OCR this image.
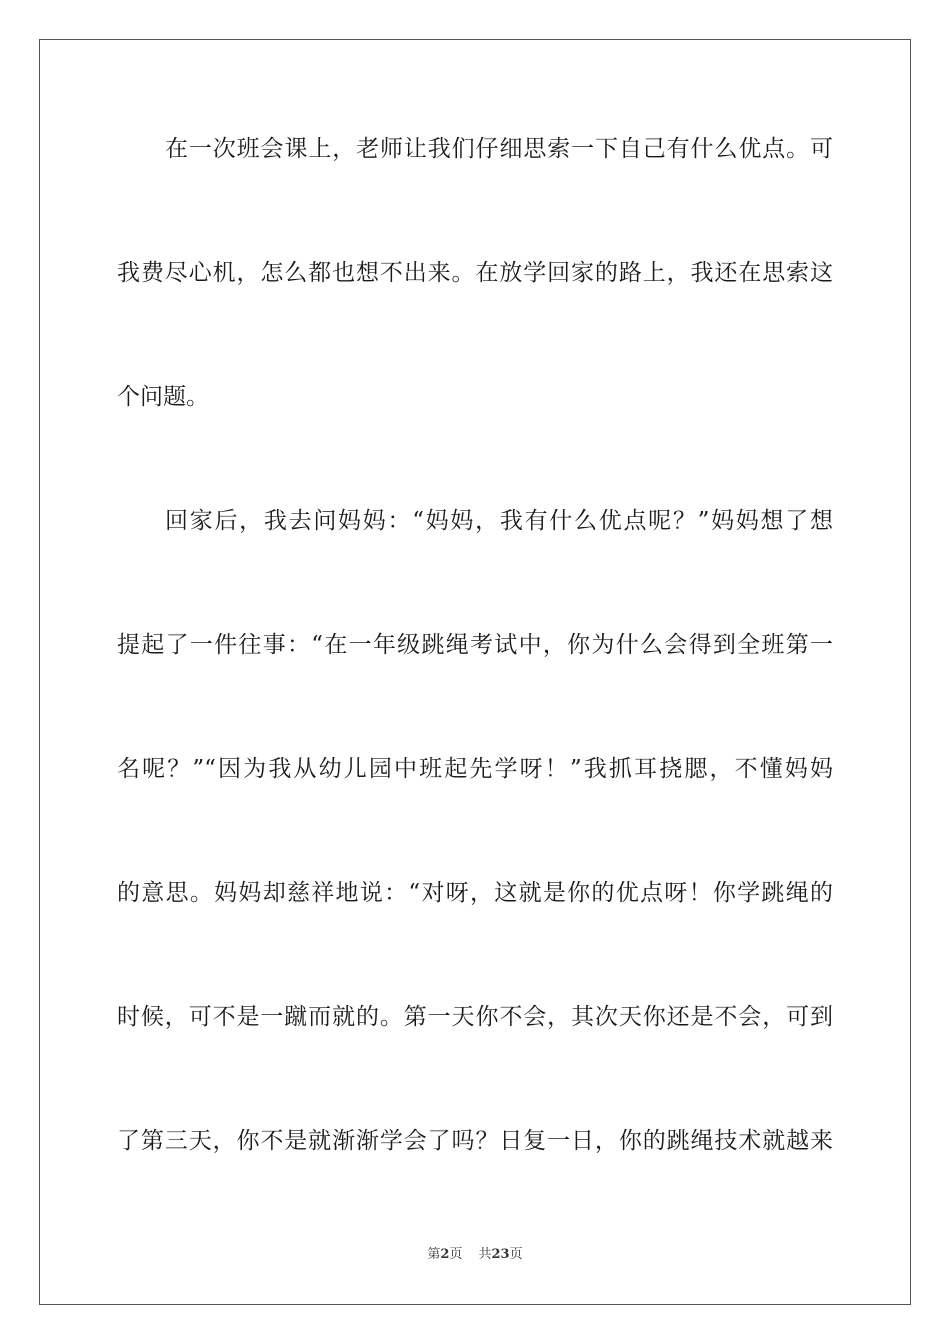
在一次班会课上，老师让我们仔细思索一下自己有什么优点。可
我费尽心机，怎么都也想不出来。在放学回家的路上，我还在思索这
个问题。
回家后，我去问妈妈：“妈妈，我有什么优点呢？”妈妈想了想
提起了一件往事：“在一年级跳绳考试中，你为什么会得到全班第一
名呢？”“因为我从幼儿园中班起先学呀！”我抓耳挠腮，不懂妈妈
的意思。妈妈却慈祥地说：“对呀，这就是你的优点呀！你学跳绳的
时候，可不是一蹴而就的。第一天你不会，其次天你还是不会，可到
了第三天，你不是就渐渐学会了吗？日复一日，你的跳绳技术就越来
第2页 共23页
